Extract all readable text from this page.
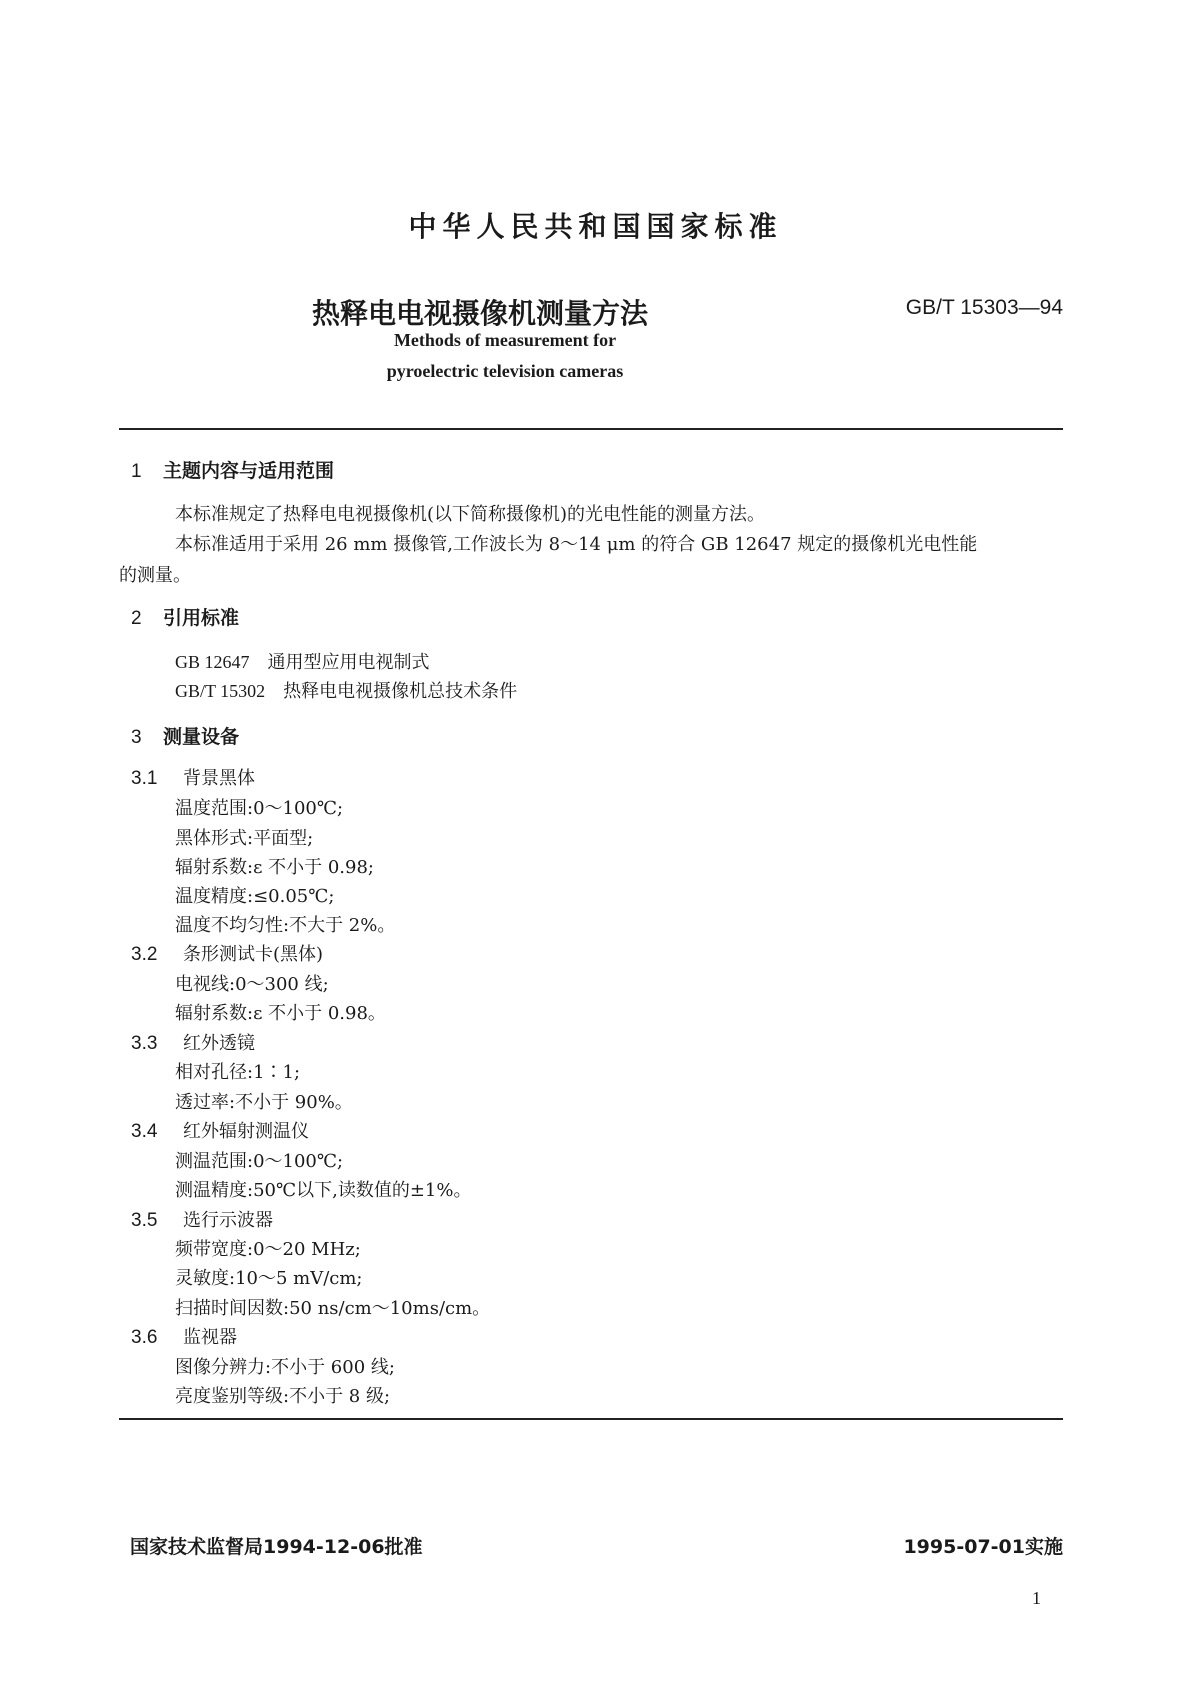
中华人民共和国国家标准
热释电电视摄像机测量方法	GB/T 15303—94
Methods of measurement for
pyroelectric television cameras
1 主题内容与适用范围
本标准规定了热释电电视摄像机(以下简称摄像机)的光电性能的测量方法。
本标准适用于采用 26 mm 摄像管,工作波长为 8～14 μm 的符合 GB 12647 规定的摄像机光电性能
的测量。
2 引用标准
GB 12647 通用型应用电视制式
GB/T 15302 热释电电视摄像机总技术条件
3 测量设备
3.1 背景黑体
温度范围:0～100℃;
黑体形式:平面型;
辐射系数:ε 不小于 0.98;
温度精度:≤0.05℃;
温度不均匀性:不大于 2%。
3.2 条形测试卡(黑体)
电视线:0～300 线;
辐射系数:ε 不小于 0.98。
3.3 红外透镜
相对孔径:1∶1;
透过率:不小于 90%。
3.4 红外辐射测温仪
测温范围:0～100℃;
测温精度:50℃以下,读数值的±1%。
3.5 选行示波器
频带宽度:0～20 MHz;
灵敏度:10～5 mV/cm;
扫描时间因数:50 ns/cm～10ms/cm。
3.6 监视器
图像分辨力:不小于 600 线;
亮度鉴别等级:不小于 8 级;
国家技术监督局1994-12-06批准	1995-07-01实施
1
